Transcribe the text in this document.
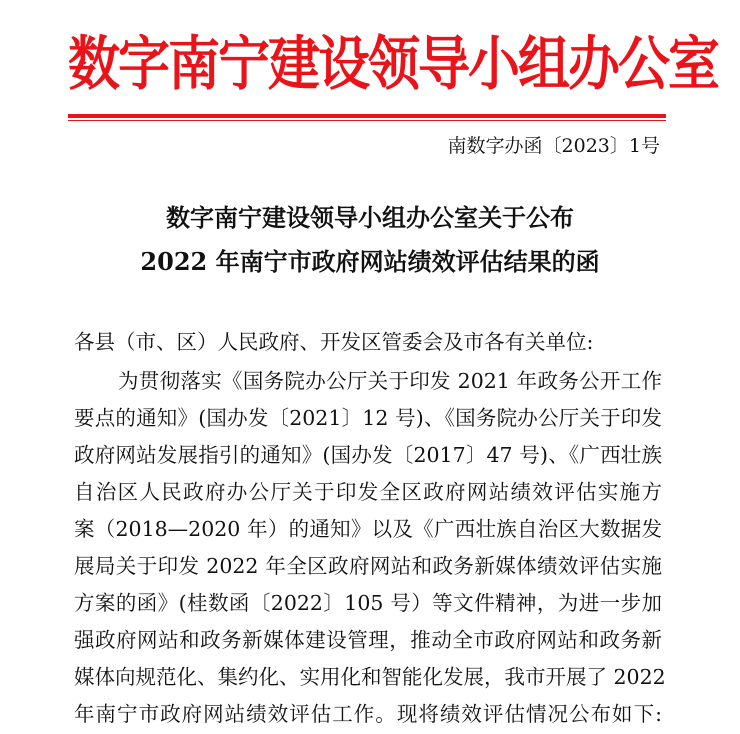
数字南宁建设领导小组办公室
南数字办函〔2023〕1号
数字南宁建设领导小组办公室关于公布
2022 年南宁市政府网站绩效评估结果的函
各县（市、区）人民政府、开发区管委会及市各有关单位:
为贯彻落实《国务院办公厅关于印发 2021 年政务公开工作
要点的通知》(国办发〔2021〕12 号)、《国务院办公厅关于印发
政府网站发展指引的通知》(国办发〔2017〕47 号)、《广西壮族
自治区人民政府办公厅关于印发全区政府网站绩效评估实施方
案（2018—2020 年）的通知》以及《广西壮族自治区大数据发
展局关于印发 2022 年全区政府网站和政务新媒体绩效评估实施
方案的函》(桂数函〔2022〕105 号）等文件精神，为进一步加
强政府网站和政务新媒体建设管理，推动全市政府网站和政务新
媒体向规范化、集约化、实用化和智能化发展，我市开展了 2022
年南宁市政府网站绩效评估工作。现将绩效评估情况公布如下:
